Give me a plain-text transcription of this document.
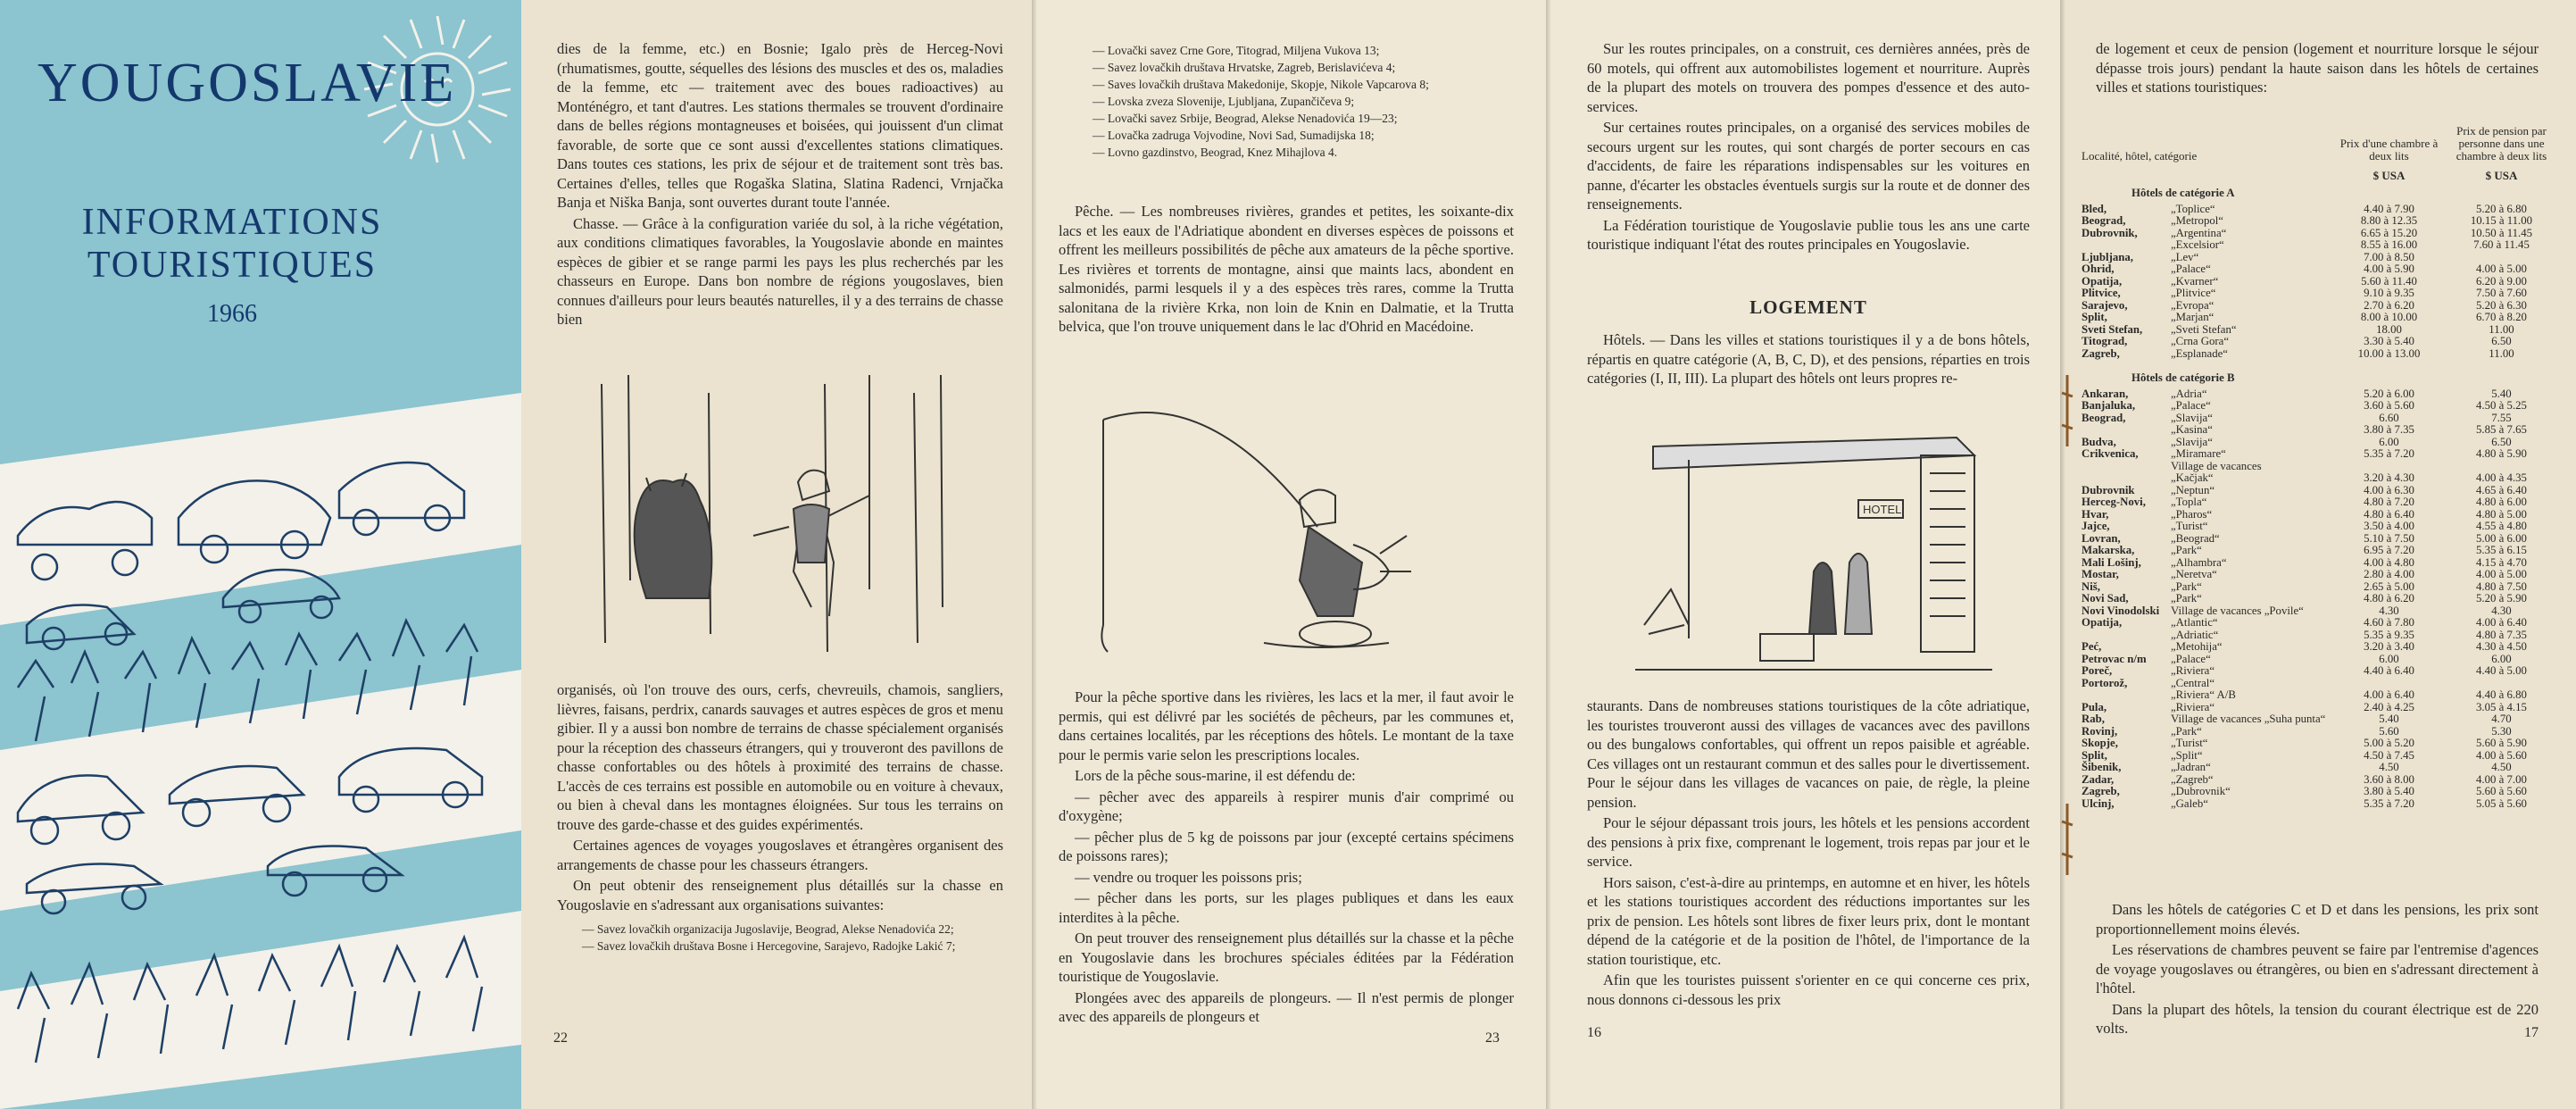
YOUGOSLAVIE
INFORMATIONS
TOURISTIQUES
1966

dies de la femme, etc.) en Bosnie; Igalo près de Herceg-Novi (rhumatismes, goutte, séquelles des lésions des muscles et des os, maladies de la femme, etc — traitement avec des boues radioactives) au Monténégro, et tant d'autres. Les stations thermales se trouvent d'ordinaire dans de belles régions montagneuses et boisées, qui jouissent d'un climat favorable, de sorte que ce sont aussi d'excellentes stations climatiques. Dans toutes ces stations, les prix de séjour et de traitement sont très bas. Certaines d'elles, telles que Rogaška Slatina, Slatina Radenci, Vrnjačka Banja et Niška Banja, sont ouvertes durant toute l'année.

Chasse. — Grâce à la configuration variée du sol, à la riche végétation, aux conditions climatiques favorables, la Yougoslavie abonde en maintes espèces de gibier et se range parmi les pays les plus recherchés par les chasseurs en Europe. Dans bon nombre de régions yougoslaves, bien connues d'ailleurs pour leurs beautés naturelles, il y a des terrains de chasse bien

organisés, où l'on trouve des ours, cerfs, chevreuils, chamois, sangliers, lièvres, faisans, perdrix, canards sauvages et autres espèces de gros et menu gibier. Il y a aussi bon nombre de terrains de chasse spécialement organisés pour la réception des chasseurs étrangers, qui y trouveront des pavillons de chasse confortables ou des hôtels à proximité des terrains de chasse. L'accès de ces terrains est possible en automobile ou en voiture à chevaux, ou bien à cheval dans les montagnes éloignées. Sur tous les terrains on trouve des garde-chasse et des guides expérimentés.

Certaines agences de voyages yougoslaves et étrangères organisent des arrangements de chasse pour les chasseurs étrangers.

On peut obtenir des renseignement plus détaillés sur la chasse en Yougoslavie en s'adressant aux organisations suivantes:

— Savez lovačkih organizacija Jugoslavije, Beograd, Alekse Nenadovića 22;

— Savez lovačkih društava Bosne i Hercegovine, Sarajevo, Radojke Lakić 7;

22

— Lovački savez Crne Gore, Titograd, Miljena Vukova 13;

— Savez lovačkih društava Hrvatske, Zagreb, Berislavićeva 4;

— Saves lovačkih društava Makedonije, Skopje, Nikole Vapcarova 8;

— Lovska zveza Slovenije, Ljubljana, Zupančičeva 9;

— Lovački savez Srbije, Beograd, Alekse Nenadovića 19—23;

— Lovačka zadruga Vojvodine, Novi Sad, Sumadijska 18;

— Lovno gazdinstvo, Beograd, Knez Mihajlova 4.

Pêche. — Les nombreuses rivières, grandes et petites, les soixante-dix lacs et les eaux de l'Adriatique abondent en diverses espèces de poissons et offrent les meilleurs possibilités de pêche aux amateurs de la pêche sportive. Les rivières et torrents de montagne, ainsi que maints lacs, abondent en salmonidés, parmi lesquels il y a des espèces très rares, comme la Trutta salonitana de la rivière Krka, non loin de Knin en Dalmatie, et la Trutta belvica, que l'on trouve uniquement dans le lac d'Ohrid en Macédoine.

Pour la pêche sportive dans les rivières, les lacs et la mer, il faut avoir le permis, qui est délivré par les sociétés de pêcheurs, par les communes et, dans certaines localités, par les réceptions des hôtels. Le montant de la taxe pour le permis varie selon les prescriptions locales.

Lors de la pêche sous-marine, il est défendu de:

— pêcher avec des appareils à respirer munis d'air comprimé ou d'oxygène;

— pêcher plus de 5 kg de poissons par jour (excepté certains spécimens de poissons rares);

— vendre ou troquer les poissons pris;

— pêcher dans les ports, sur les plages publiques et dans les eaux interdites à la pêche.

On peut trouver des renseignement plus détaillés sur la chasse et la pêche en Yougoslavie dans les brochures spéciales éditées par la Fédération touristique de Yougoslavie.

Plongées avec des appareils de plongeurs. — Il n'est permis de plonger avec des appareils de plongeurs et

23

Sur les routes principales, on a construit, ces dernières années, près de 60 motels, qui offrent aux automobilistes logement et nourriture. Auprès de la plupart des motels on trouvera des pompes d'essence et des auto-services.

Sur certaines routes principales, on a organisé des services mobiles de secours urgent sur les routes, qui sont chargés de porter secours en cas d'accidents, de faire les réparations indispensables sur les voitures en panne, d'écarter les obstacles éventuels surgis sur la route et de donner des renseignements.

La Fédération touristique de Yougoslavie publie tous les ans une carte touristique indiquant l'état des routes principales en Yougoslavie.

LOGEMENT

Hôtels. — Dans les villes et stations touristiques il y a de bons hôtels, répartis en quatre catégorie (A, B, C, D), et des pensions, réparties en trois catégories (I, II, III). La plupart des hôtels ont leurs propres re-

HOTEL

staurants. Dans de nombreuses stations touristiques de la côte adriatique, les touristes trouveront aussi des villages de vacances avec des pavillons ou des bungalows confortables, qui offrent un repos paisible et agréable. Ces villages ont un restaurant commun et des salles pour le divertissement. Pour le séjour dans les villages de vacances on paie, de règle, la pleine pension.

Pour le séjour dépassant trois jours, les hôtels et les pensions accordent des pensions à prix fixe, comprenant le logement, trois repas par jour et le service.

Hors saison, c'est-à-dire au printemps, en automne et en hiver, les hôtels et les stations touristiques accordent des réductions importantes sur les prix de pension. Les hôtels sont libres de fixer leurs prix, dont le montant dépend de la catégorie et de la position de l'hôtel, de l'importance de la station touristique, etc.

Afin que les touristes puissent s'orienter en ce qui concerne ces prix, nous donnons ci-dessous les prix

16

de logement et ceux de pension (logement et nourriture lorsque le séjour dépasse trois jours) pendant la haute saison dans les hôtels de certaines villes et stations touristiques:

Localité, hôtel, catégorie	Prix d'une chambre à deux lits	Prix de pension par personne dans une chambre à deux lits
	$ USA	$ USA
Hôtels de catégorie A		
Bled, „Toplice“	4.40 à 7.90	5.20 à 6.80
Beograd, „Metropol“	8.80 à 12.35	10.15 à 11.00
Dubrovnik, „Argentina“	6.65 à 15.20	10.50 à 11.45
„Excelsior“	8.55 à 16.00	7.60 à 11.45
Ljubljana, „Lev“	7.00 à 8.50	
Ohrid, „Palace“	4.00 à 5.90	4.00 à 5.00
Opatija, „Kvarner“	5.60 à 11.40	6.20 à 9.00
Plitvice, „Plitvice“	9.10 à 9.35	7.50 à 7.60
Sarajevo, „Evropa“	2.70 à 6.20	5.20 à 6.30
Split, „Marjan“	8.00 à 10.00	6.70 à 8.20
Sveti Stefan, „Sveti Stefan“	18.00	11.00
Titograd, „Crna Gora“	3.30 à 5.40	6.50
Zagreb, „Esplanade“	10.00 à 13.00	11.00
Hôtels de catégorie B		
Ankaran, „Adria“	5.20 à 6.00	5.40
Banjaluka, „Palace“	3.60 à 5.60	4.50 à 5.25
Beograd, „Slavija“	6.60	7.55
„Kasina“	3.80 à 7.35	5.85 à 7.65
Budva, „Slavija“	6.00	6.50
Crikvenica, „Miramare“	5.35 à 7.20	4.80 à 5.90
Village de vacances		
„Kačjak“	3.20 à 4.30	4.00 à 4.35
Dubrovnik „Neptun“	4.00 à 6.30	4.65 à 6.40
Herceg-Novi, „Topla“	4.80 à 7.20	4.80 à 6.00
Hvar, „Pharos“	4.80 à 6.40	4.80 à 5.00
Jajce, „Turist“	3.50 à 4.00	4.55 à 4.80
Lovran, „Beograd“	5.10 à 7.50	5.00 à 6.00
Makarska, „Park“	6.95 à 7.20	5.35 à 6.15
Mali Lošinj, „Alhambra“	4.00 à 4.80	4.15 à 4.70
Mostar, „Neretva“	2.80 à 4.00	4.00 à 5.00
Niš, „Park“	2.65 à 5.00	4.80 à 7.50
Novi Sad, „Park“	4.80 à 6.20	5.20 à 5.90
Novi Vinodolski Village de vacances „Povile“	4.30	4.30
Opatija, „Atlantic“	4.60 à 7.80	4.00 à 6.40
„Adriatic“	5.35 à 9.35	4.80 à 7.35
Peć, „Metohija“	3.20 à 3.40	4.30 à 4.50
Petrovac n/m „Palace“	6.00	6.00
Poreč, „Riviera“	4.40 à 6.40	4.40 à 5.00
Portorož, „Central“		
„Riviera“ A/B	4.00 à 6.40	4.40 à 6.80
Pula, „Riviera“	2.40 à 4.25	3.05 à 4.15
Rab, Village de vacances „Suha punta“	5.40	4.70
Rovinj, „Park“	5.60	5.30
Skopje, „Turist“	5.00 à 5.20	5.60 à 5.90
Split, „Split“	4.50 à 7.45	4.00 à 5.60
Šibenik, „Jadran“	4.50	4.50
Zadar, „Zagreb“	3.60 à 8.00	4.00 à 7.00
Zagreb, „Dubrovnik“	3.80 à 5.40	5.60 à 5.60
Ulcinj, „Galeb“	5.35 à 7.20	5.05 à 5.60

Dans les hôtels de catégories C et D et dans les pensions, les prix sont proportionnellement moins élevés.

Les réservations de chambres peuvent se faire par l'entremise d'agences de voyage yougoslaves ou étrangères, ou bien en s'adressant directement à l'hôtel.

Dans la plupart des hôtels, la tension du courant électrique est de 220 volts.	17
